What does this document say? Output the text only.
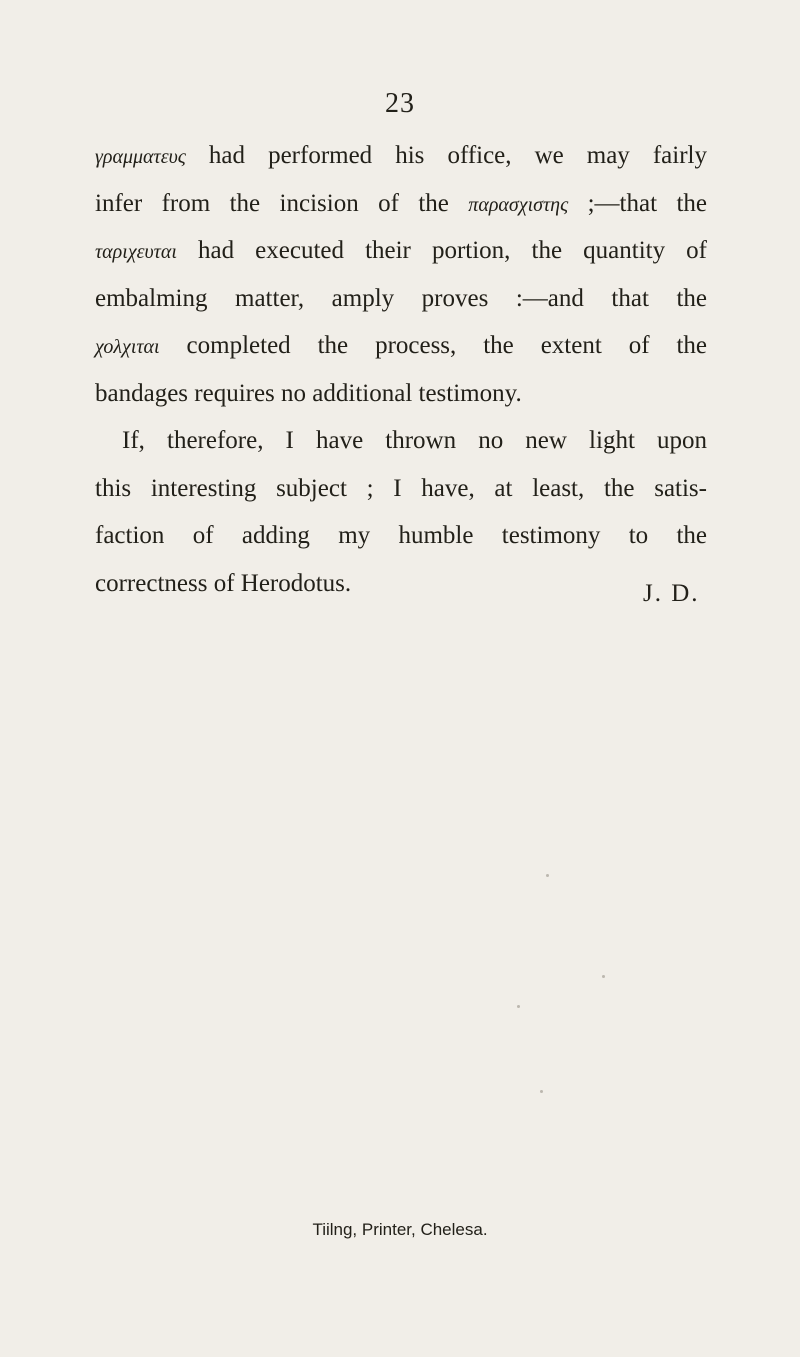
23
γραμματευς had performed his office, we may fairly
infer from the incision of the παρασχιστης ;—that the
ταριχευται had executed their portion, the quantity of
embalming matter, amply proves :—and that the
χολχιται completed the process, the extent of the
bandages requires no additional testimony.
If, therefore, I have thrown no new light upon
this interesting subject ; I have, at least, the satis-
faction of adding my humble testimony to the
correctness of Herodotus.	J. D.
Tiilng, Printer, Chelesa.
